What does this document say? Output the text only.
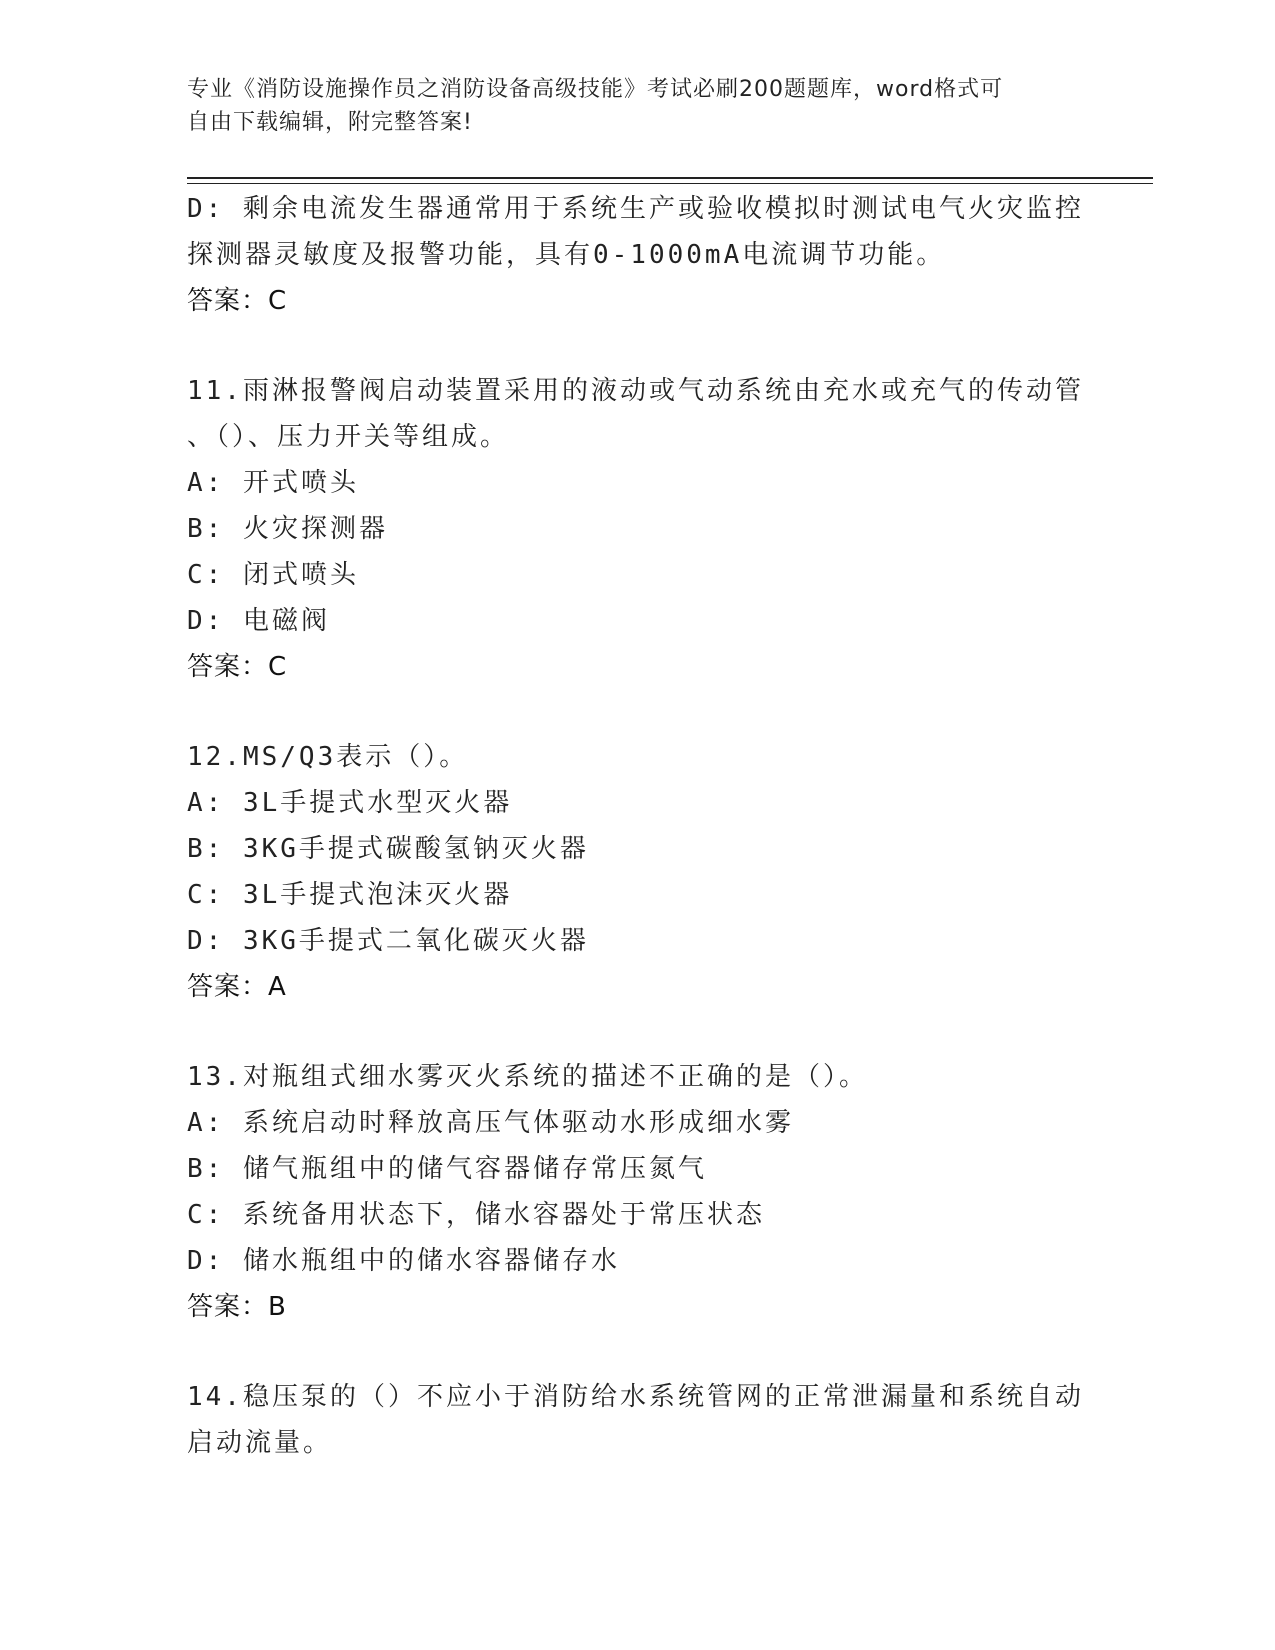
专业《消防设施操作员之消防设备高级技能》考试必刷200题题库，word格式可
自由下载编辑，附完整答案!
D: 剩余电流发生器通常用于系统生产或验收模拟时测试电气火灾监控
探测器灵敏度及报警功能，具有0-1000mA电流调节功能。
答案：C
11.雨淋报警阀启动装置采用的液动或气动系统由充水或充气的传动管
、（）、压力开关等组成。
A: 开式喷头
B: 火灾探测器
C: 闭式喷头
D: 电磁阀
答案：C
12.MS/Q3表示（）。
A: 3L手提式水型灭火器
B: 3KG手提式碳酸氢钠灭火器
C: 3L手提式泡沫灭火器
D: 3KG手提式二氧化碳灭火器
答案：A
13.对瓶组式细水雾灭火系统的描述不正确的是（）。
A: 系统启动时释放高压气体驱动水形成细水雾
B: 储气瓶组中的储气容器储存常压氮气
C: 系统备用状态下，储水容器处于常压状态
D: 储水瓶组中的储水容器储存水
答案：B
14.稳压泵的（）不应小于消防给水系统管网的正常泄漏量和系统自动
启动流量。
